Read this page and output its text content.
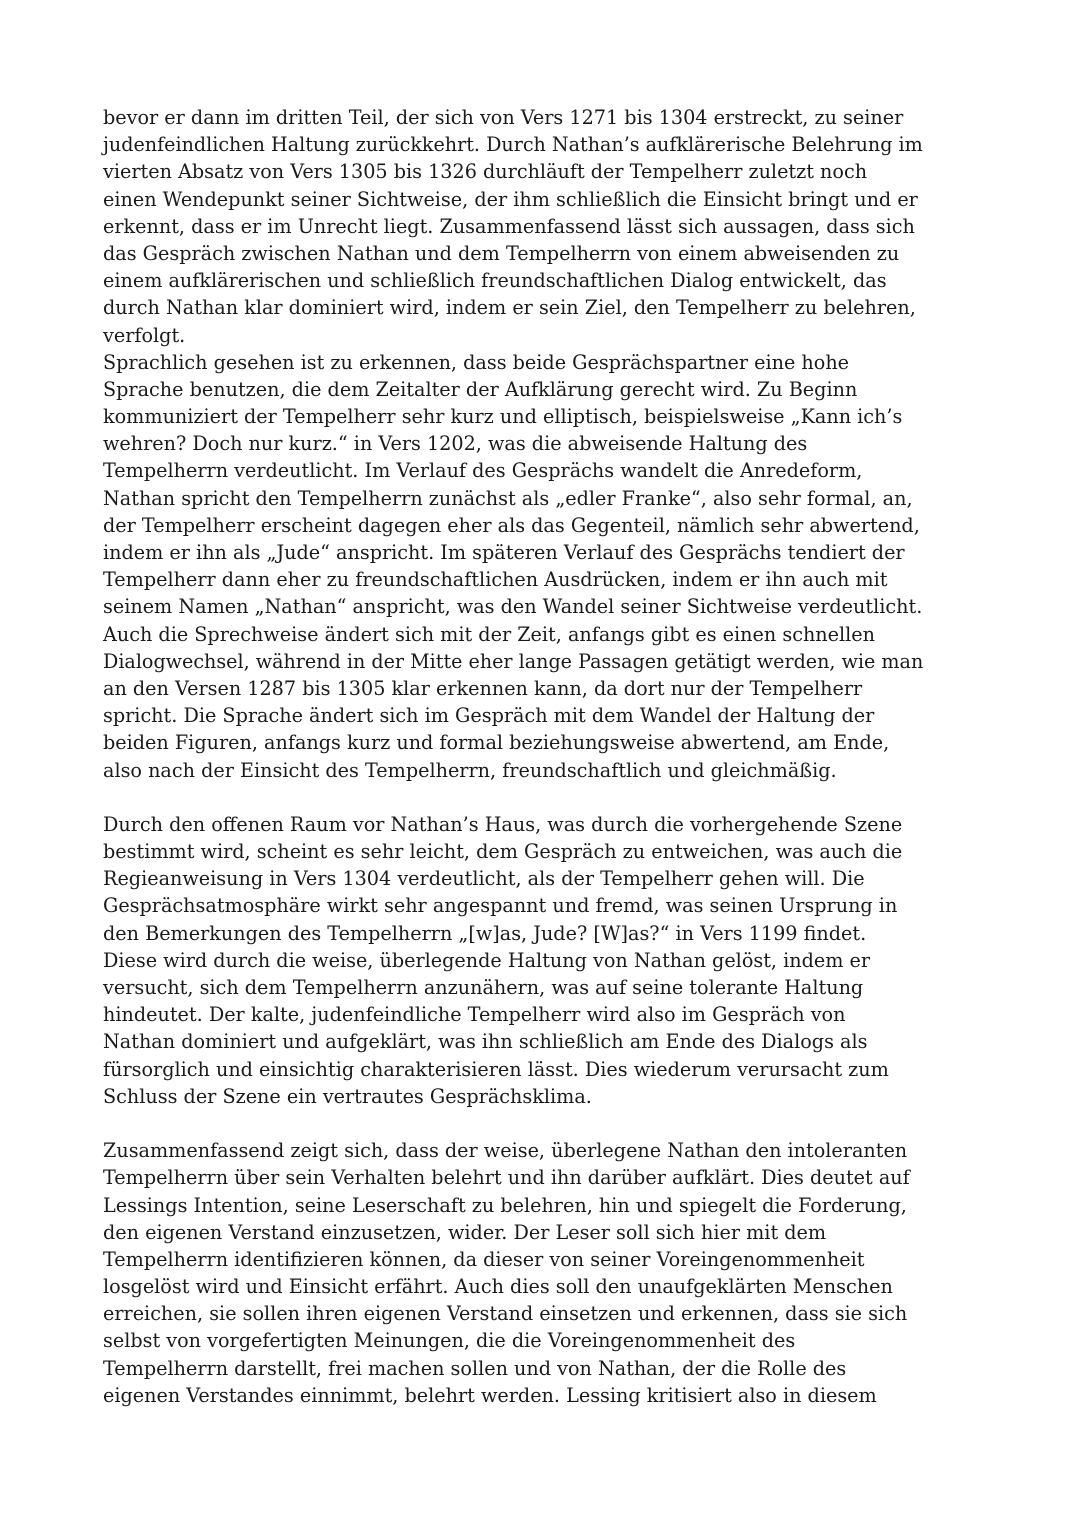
bevor er dann im dritten Teil, der sich von Vers 1271 bis 1304 erstreckt, zu seiner
judenfeindlichen Haltung zurückkehrt. Durch Nathan’s aufklärerische Belehrung im
vierten Absatz von Vers 1305 bis 1326 durchläuft der Tempelherr zuletzt noch
einen Wendepunkt seiner Sichtweise, der ihm schließlich die Einsicht bringt und er
erkennt, dass er im Unrecht liegt. Zusammenfassend lässt sich aussagen, dass sich
das Gespräch zwischen Nathan und dem Tempelherrn von einem abweisenden zu
einem aufklärerischen und schließlich freundschaftlichen Dialog entwickelt, das
durch Nathan klar dominiert wird, indem er sein Ziel, den Tempelherr zu belehren,
verfolgt.
Sprachlich gesehen ist zu erkennen, dass beide Gesprächspartner eine hohe
Sprache benutzen, die dem Zeitalter der Aufklärung gerecht wird. Zu Beginn
kommuniziert der Tempelherr sehr kurz und elliptisch, beispielsweise „Kann ich’s
wehren? Doch nur kurz.“ in Vers 1202, was die abweisende Haltung des
Tempelherrn verdeutlicht. Im Verlauf des Gesprächs wandelt die Anredeform,
Nathan spricht den Tempelherrn zunächst als „edler Franke“, also sehr formal, an,
der Tempelherr erscheint dagegen eher als das Gegenteil, nämlich sehr abwertend,
indem er ihn als „Jude“ anspricht. Im späteren Verlauf des Gesprächs tendiert der
Tempelherr dann eher zu freundschaftlichen Ausdrücken, indem er ihn auch mit
seinem Namen „Nathan“ anspricht, was den Wandel seiner Sichtweise verdeutlicht.
Auch die Sprechweise ändert sich mit der Zeit, anfangs gibt es einen schnellen
Dialogwechsel, während in der Mitte eher lange Passagen getätigt werden, wie man
an den Versen 1287 bis 1305 klar erkennen kann, da dort nur der Tempelherr
spricht. Die Sprache ändert sich im Gespräch mit dem Wandel der Haltung der
beiden Figuren, anfangs kurz und formal beziehungsweise abwertend, am Ende,
also nach der Einsicht des Tempelherrn, freundschaftlich und gleichmäßig.
Durch den offenen Raum vor Nathan’s Haus, was durch die vorhergehende Szene
bestimmt wird, scheint es sehr leicht, dem Gespräch zu entweichen, was auch die
Regieanweisung in Vers 1304 verdeutlicht, als der Tempelherr gehen will. Die
Gesprächsatmosphäre wirkt sehr angespannt und fremd, was seinen Ursprung in
den Bemerkungen des Tempelherrn „[w]as, Jude? [W]as?“ in Vers 1199 findet.
Diese wird durch die weise, überlegende Haltung von Nathan gelöst, indem er
versucht, sich dem Tempelherrn anzunähern, was auf seine tolerante Haltung
hindeutet. Der kalte, judenfeindliche Tempelherr wird also im Gespräch von
Nathan dominiert und aufgeklärt, was ihn schließlich am Ende des Dialogs als
fürsorglich und einsichtig charakterisieren lässt. Dies wiederum verursacht zum
Schluss der Szene ein vertrautes Gesprächsklima.
Zusammenfassend zeigt sich, dass der weise, überlegene Nathan den intoleranten
Tempelherrn über sein Verhalten belehrt und ihn darüber aufklärt. Dies deutet auf
Lessings Intention, seine Leserschaft zu belehren, hin und spiegelt die Forderung,
den eigenen Verstand einzusetzen, wider. Der Leser soll sich hier mit dem
Tempelherrn identifizieren können, da dieser von seiner Voreingenommenheit
losgelöst wird und Einsicht erfährt. Auch dies soll den unaufgeklärten Menschen
erreichen, sie sollen ihren eigenen Verstand einsetzen und erkennen, dass sie sich
selbst von vorgefertigten Meinungen, die die Voreingenommenheit des
Tempelherrn darstellt, frei machen sollen und von Nathan, der die Rolle des
eigenen Verstandes einnimmt, belehrt werden. Lessing kritisiert also in diesem
